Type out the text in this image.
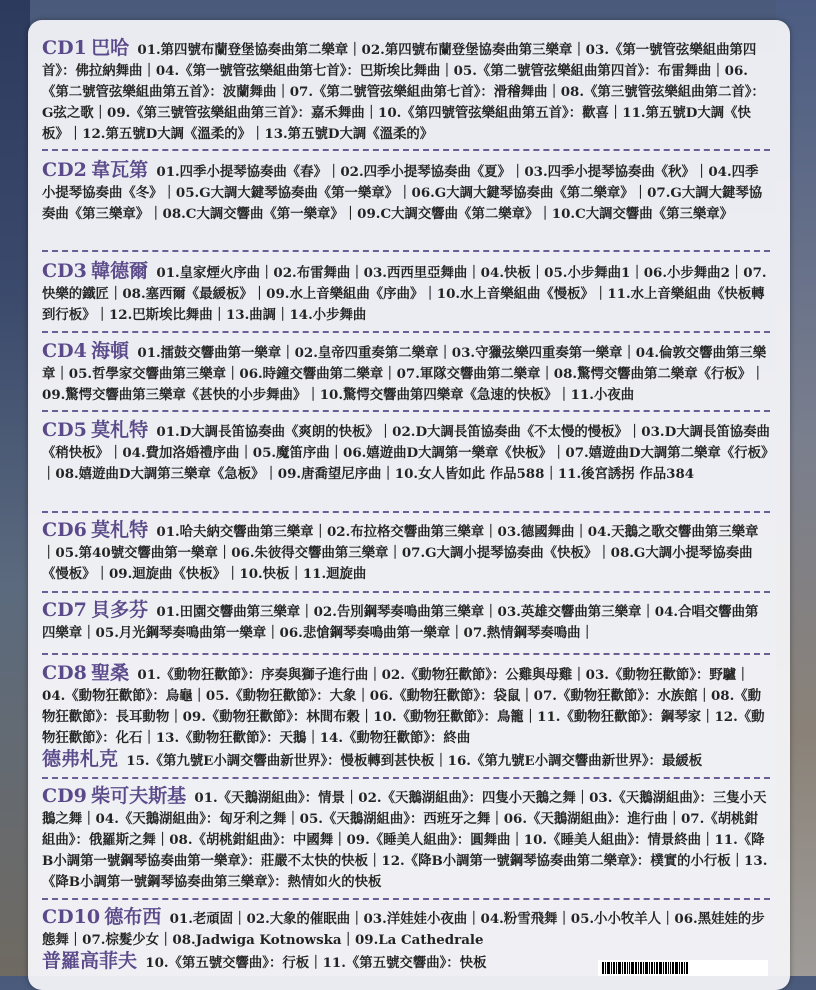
CD1 巴哈 01.第四號布蘭登堡協奏曲第二樂章｜02.第四號布蘭登堡協奏曲第三樂章｜03.《第一號管弦樂組曲第四首》：佛拉納舞曲｜04.《第一號管弦樂組曲第七首》：巴斯埃比舞曲｜05.《第二號管弦樂組曲第四首》：布雷舞曲｜06.《第二號管弦樂組曲第五首》：波蘭舞曲｜07.《第二號管弦樂組曲第七首》：滑稽舞曲｜08.《第三號管弦樂組曲第二首》：G弦之歌｜09.《第三號管弦樂組曲第三首》：嘉禾舞曲｜10.《第四號管弦樂組曲第五首》：歡喜｜11.第五號D大調《快板》｜12.第五號D大調《溫柔的》｜13.第五號D大調《溫柔的》
CD2 韋瓦第 01.四季小提琴協奏曲《春》｜02.四季小提琴協奏曲《夏》｜03.四季小提琴協奏曲《秋》｜04.四季小提琴協奏曲《冬》｜05.G大調大鍵琴協奏曲《第一樂章》｜06.G大調大鍵琴協奏曲《第二樂章》｜07.G大調大鍵琴協奏曲《第三樂章》｜08.C大調交響曲《第一樂章》｜09.C大調交響曲《第二樂章》｜10.C大調交響曲《第三樂章》
CD3 韓德爾 01.皇家煙火序曲｜02.布雷舞曲｜03.西西里亞舞曲｜04.快板｜05.小步舞曲1｜06.小步舞曲2｜07.快樂的鐵匠｜08.塞西爾《最緩板》｜09.水上音樂組曲《序曲》｜10.水上音樂組曲《慢板》｜11.水上音樂組曲《快板轉到行板》｜12.巴斯埃比舞曲｜13.曲調｜14.小步舞曲
CD4 海頓 01.擂鼓交響曲第一樂章｜02.皇帝四重奏第二樂章｜03.守獵弦樂四重奏第一樂章｜04.倫敦交響曲第三樂章｜05.哲學家交響曲第三樂章｜06.時鐘交響曲第二樂章｜07.軍隊交響曲第二樂章｜08.驚愕交響曲第二樂章《行板》｜09.驚愕交響曲第三樂章《甚快的小步舞曲》｜10.驚愕交響曲第四樂章《急速的快板》｜11.小夜曲
CD5 莫札特 01.D大調長笛協奏曲《爽朗的快板》｜02.D大調長笛協奏曲《不太慢的慢板》｜03.D大調長笛協奏曲《稍快板》｜04.費加洛婚禮序曲｜05.魔笛序曲｜06.嬉遊曲D大調第一樂章《快板》｜07.嬉遊曲D大調第二樂章《行板》｜08.嬉遊曲D大調第三樂章《急板》｜09.唐喬望尼序曲｜10.女人皆如此 作品588｜11.後宮誘拐 作品384
CD6 莫札特 01.哈夫納交響曲第三樂章｜02.布拉格交響曲第三樂章｜03.德國舞曲｜04.天鵝之歌交響曲第三樂章｜05.第40號交響曲第一樂章｜06.朱彼得交響曲第三樂章｜07.G大調小提琴協奏曲《快板》｜08.G大調小提琴協奏曲《慢板》｜09.迴旋曲《快板》｜10.快板｜11.迴旋曲
CD7 貝多芬 01.田園交響曲第三樂章｜02.告別鋼琴奏鳴曲第三樂章｜03.英雄交響曲第三樂章｜04.合唱交響曲第四樂章｜05.月光鋼琴奏鳴曲第一樂章｜06.悲愴鋼琴奏鳴曲第一樂章｜07.熱情鋼琴奏鳴曲｜
CD8 聖桑 01.《動物狂歡節》：序奏與獅子進行曲｜02.《動物狂歡節》：公雞與母雞｜03.《動物狂歡節》：野驢｜04.《動物狂歡節》：烏龜｜05.《動物狂歡節》：大象｜06.《動物狂歡節》：袋鼠｜07.《動物狂歡節》：水族館｜08.《動物狂歡節》：長耳動物｜09.《動物狂歡節》：林間布穀｜10.《動物狂歡節》：鳥籠｜11.《動物狂歡節》：鋼琴家｜12.《動物狂歡節》：化石｜13.《動物狂歡節》：天鵝｜14.《動物狂歡節》：終曲
德弗札克 15.《第九號E小調交響曲新世界》：慢板轉到甚快板｜16.《第九號E小調交響曲新世界》：最緩板
CD9 柴可夫斯基 01.《天鵝湖組曲》：情景｜02.《天鵝湖組曲》：四隻小天鵝之舞｜03.《天鵝湖組曲》：三隻小天鵝之舞｜04.《天鵝湖組曲》：匈牙利之舞｜05.《天鵝湖組曲》：西班牙之舞｜06.《天鵝湖組曲》：進行曲｜07.《胡桃鉗組曲》：俄羅斯之舞｜08.《胡桃鉗組曲》：中國舞｜09.《睡美人組曲》：圓舞曲｜10.《睡美人組曲》：情景終曲｜11.《降B小調第一號鋼琴協奏曲第一樂章》：莊嚴不太快的快板｜12.《降B小調第一號鋼琴協奏曲第二樂章》：樸實的小行板｜13.《降B小調第一號鋼琴協奏曲第三樂章》：熱情如火的快板
CD10 德布西 01.老頑固｜02.大象的催眠曲｜03.洋娃娃小夜曲｜04.粉雪飛舞｜05.小小牧羊人｜06.黑娃娃的步態舞｜07.棕髮少女｜08.Jadwiga Kotnowska｜09.La Cathedrale
普羅高菲夫 10.《第五號交響曲》：行板｜11.《第五號交響曲》：快板
